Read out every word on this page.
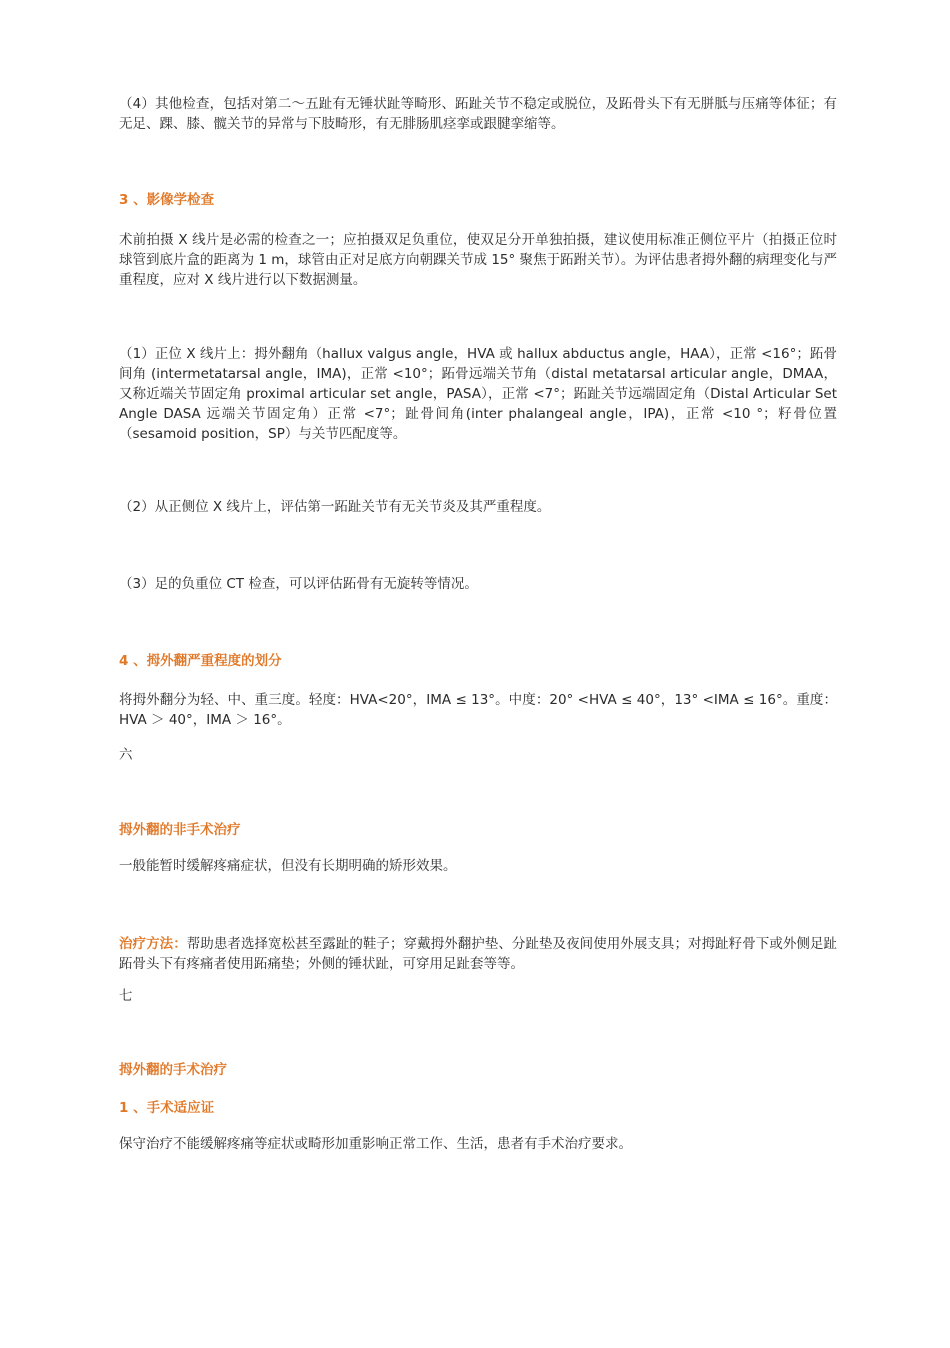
（4）其他检查，包括对第二～五趾有无锤状趾等畸形、跖趾关节不稳定或脱位，及跖骨头下有无胼胝与压痛等体征；有无足、踝、膝、髋关节的异常与下肢畸形，有无腓肠肌痉挛或跟腱挛缩等。

3 、影像学检查

术前拍摄 X 线片是必需的检查之一；应拍摄双足负重位，使双足分开单独拍摄，建议使用标准正侧位平片（拍摄正位时球管到底片盒的距离为 1 m，球管由正对足底方向朝踝关节成 15° 聚焦于跖跗关节）。为评估患者拇外翻的病理变化与严重程度，应对 X 线片进行以下数据测量。

（1）正位 X 线片上：拇外翻角（hallux valgus angle，HVA 或 hallux abductus angle，HAA），正常 <16°；跖骨间角 (intermetatarsal angle，IMA)，正常 <10°；跖骨远端关节角（distal metatarsal articular angle，DMAA，又称近端关节固定角 proximal articular set angle，PASA），正常 <7°；跖趾关节远端固定角（Distal Articular Set Angle DASA 远端关节固定角）正常 <7°；趾骨间角(inter phalangeal angle，IPA)，正常 <10 °；籽骨位置（sesamoid position，SP）与关节匹配度等。

（2）从正侧位 X 线片上，评估第一跖趾关节有无关节炎及其严重程度。

（3）足的负重位 CT 检查，可以评估跖骨有无旋转等情况。

4 、拇外翻严重程度的划分

将拇外翻分为轻、中、重三度。轻度：HVA<20°，IMA ≤ 13°。中度：20° <HVA ≤ 40°，13° <IMA ≤ 16°。重度：HVA ＞ 40°，IMA ＞ 16°。

六

拇外翻的非手术治疗

一般能暂时缓解疼痛症状，但没有长期明确的矫形效果。

治疗方法：帮助患者选择宽松甚至露趾的鞋子；穿戴拇外翻护垫、分趾垫及夜间使用外展支具；对拇趾籽骨下或外侧足趾跖骨头下有疼痛者使用跖痛垫；外侧的锤状趾，可穿用足趾套等等。

七

拇外翻的手术治疗

1 、手术适应证

保守治疗不能缓解疼痛等症状或畸形加重影响正常工作、生活，患者有手术治疗要求。
